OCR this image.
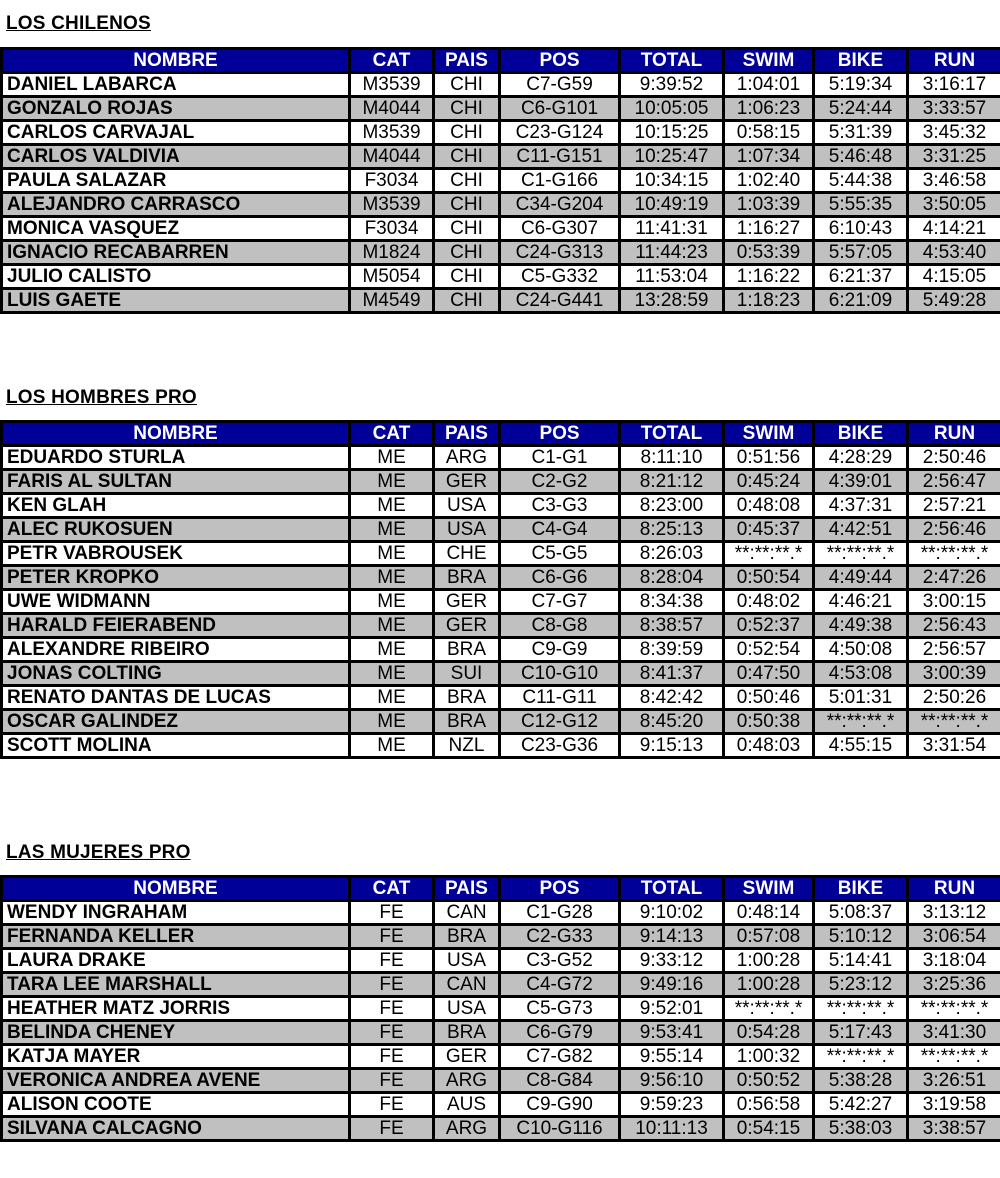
LOS CHILENOS
NOMBRE	CAT	PAIS	POS	TOTAL	SWIM	BIKE	RUN
DANIEL LABARCA	M3539	CHI	C7-G59	9:39:52	1:04:01	5:19:34	3:16:17
GONZALO ROJAS	M4044	CHI	C6-G101	10:05:05	1:06:23	5:24:44	3:33:57
CARLOS CARVAJAL	M3539	CHI	C23-G124	10:15:25	0:58:15	5:31:39	3:45:32
CARLOS VALDIVIA	M4044	CHI	C11-G151	10:25:47	1:07:34	5:46:48	3:31:25
PAULA SALAZAR	F3034	CHI	C1-G166	10:34:15	1:02:40	5:44:38	3:46:58
ALEJANDRO CARRASCO	M3539	CHI	C34-G204	10:49:19	1:03:39	5:55:35	3:50:05
MONICA VASQUEZ	F3034	CHI	C6-G307	11:41:31	1:16:27	6:10:43	4:14:21
IGNACIO RECABARREN	M1824	CHI	C24-G313	11:44:23	0:53:39	5:57:05	4:53:40
JULIO CALISTO	M5054	CHI	C5-G332	11:53:04	1:16:22	6:21:37	4:15:05
LUIS GAETE	M4549	CHI	C24-G441	13:28:59	1:18:23	6:21:09	5:49:28
LOS HOMBRES PRO
NOMBRE	CAT	PAIS	POS	TOTAL	SWIM	BIKE	RUN
EDUARDO STURLA	ME	ARG	C1-G1	8:11:10	0:51:56	4:28:29	2:50:46
FARIS AL SULTAN	ME	GER	C2-G2	8:21:12	0:45:24	4:39:01	2:56:47
KEN GLAH	ME	USA	C3-G3	8:23:00	0:48:08	4:37:31	2:57:21
ALEC RUKOSUEN	ME	USA	C4-G4	8:25:13	0:45:37	4:42:51	2:56:46
PETR VABROUSEK	ME	CHE	C5-G5	8:26:03	**:**:**.*	**:**:**.*	**:**:**.*
PETER KROPKO	ME	BRA	C6-G6	8:28:04	0:50:54	4:49:44	2:47:26
UWE WIDMANN	ME	GER	C7-G7	8:34:38	0:48:02	4:46:21	3:00:15
HARALD FEIERABEND	ME	GER	C8-G8	8:38:57	0:52:37	4:49:38	2:56:43
ALEXANDRE RIBEIRO	ME	BRA	C9-G9	8:39:59	0:52:54	4:50:08	2:56:57
JONAS COLTING	ME	SUI	C10-G10	8:41:37	0:47:50	4:53:08	3:00:39
RENATO DANTAS DE LUCAS	ME	BRA	C11-G11	8:42:42	0:50:46	5:01:31	2:50:26
OSCAR GALINDEZ	ME	BRA	C12-G12	8:45:20	0:50:38	**:**:**.*	**:**:**.*
SCOTT MOLINA	ME	NZL	C23-G36	9:15:13	0:48:03	4:55:15	3:31:54
LAS MUJERES PRO
NOMBRE	CAT	PAIS	POS	TOTAL	SWIM	BIKE	RUN
WENDY INGRAHAM	FE	CAN	C1-G28	9:10:02	0:48:14	5:08:37	3:13:12
FERNANDA KELLER	FE	BRA	C2-G33	9:14:13	0:57:08	5:10:12	3:06:54
LAURA DRAKE	FE	USA	C3-G52	9:33:12	1:00:28	5:14:41	3:18:04
TARA LEE MARSHALL	FE	CAN	C4-G72	9:49:16	1:00:28	5:23:12	3:25:36
HEATHER MATZ JORRIS	FE	USA	C5-G73	9:52:01	**:**:**.*	**:**:**.*	**:**:**.*
BELINDA CHENEY	FE	BRA	C6-G79	9:53:41	0:54:28	5:17:43	3:41:30
KATJA MAYER	FE	GER	C7-G82	9:55:14	1:00:32	**:**:**.*	**:**:**.*
VERONICA ANDREA AVENE	FE	ARG	C8-G84	9:56:10	0:50:52	5:38:28	3:26:51
ALISON COOTE	FE	AUS	C9-G90	9:59:23	0:56:58	5:42:27	3:19:58
SILVANA CALCAGNO	FE	ARG	C10-G116	10:11:13	0:54:15	5:38:03	3:38:57
